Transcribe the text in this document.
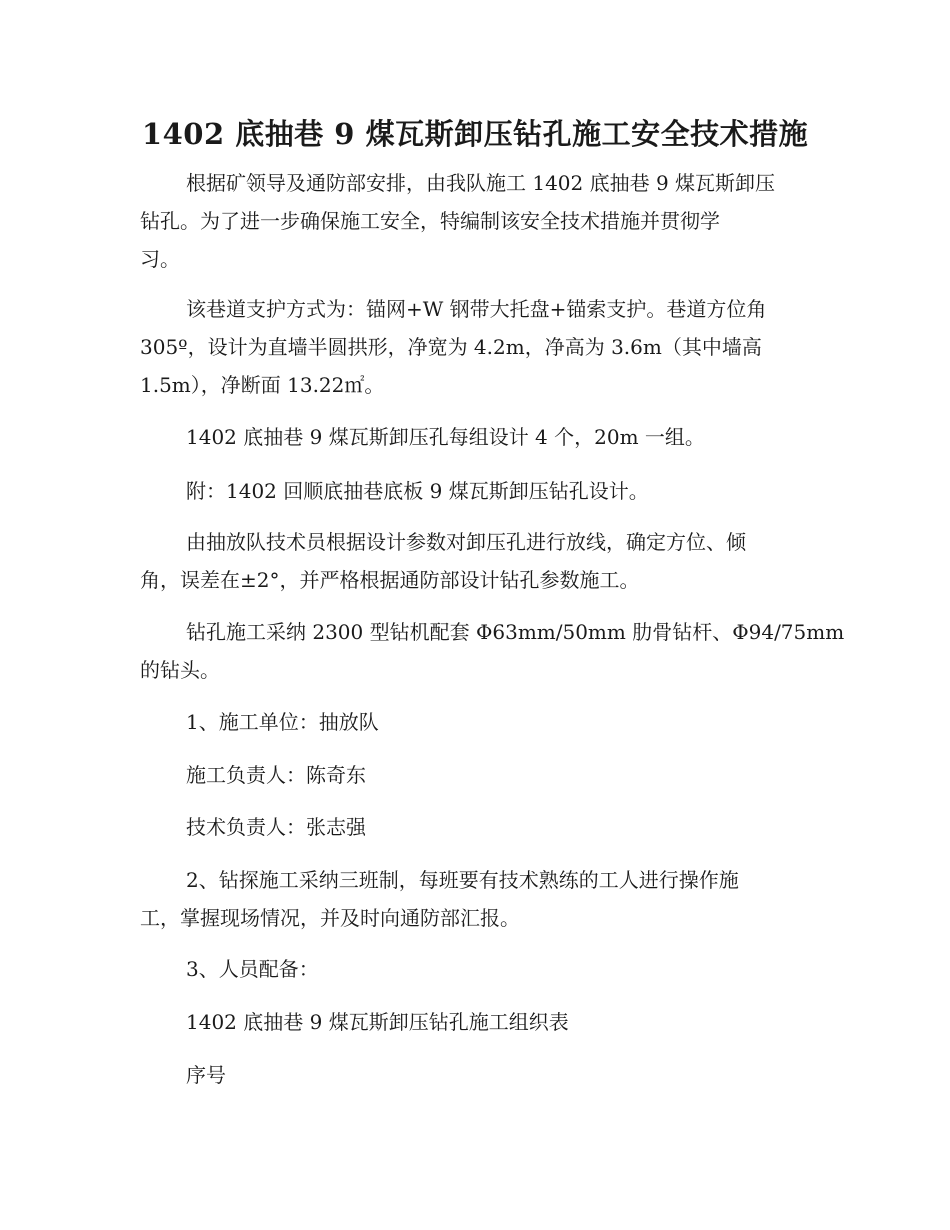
1402 底抽巷 9 煤瓦斯卸压钻孔施工安全技术措施
根据矿领导及通防部安排，由我队施工 1402 底抽巷 9 煤瓦斯卸压
钻孔。为了进一步确保施工安全，特编制该安全技术措施并贯彻学
习。
该巷道支护方式为：锚网+W 钢带大托盘+锚索支护。巷道方位角
305º，设计为直墙半圆拱形，净宽为 4.2m，净高为 3.6m（其中墙高
1.5m），净断面 13.22㎡。
1402 底抽巷 9 煤瓦斯卸压孔每组设计 4 个，20m 一组。
附：1402 回顺底抽巷底板 9 煤瓦斯卸压钻孔设计。
由抽放队技术员根据设计参数对卸压孔进行放线，确定方位、倾
角，误差在±2°，并严格根据通防部设计钻孔参数施工。
钻孔施工采纳 2300 型钻机配套 Φ63mm/50mm 肋骨钻杆、Φ94/75mm
的钻头。
1、施工单位：抽放队
施工负责人：陈奇东
技术负责人：张志强
2、钻探施工采纳三班制，每班要有技术熟练的工人进行操作施
工，掌握现场情况，并及时向通防部汇报。
3、人员配备：
1402 底抽巷 9 煤瓦斯卸压钻孔施工组织表
序号
